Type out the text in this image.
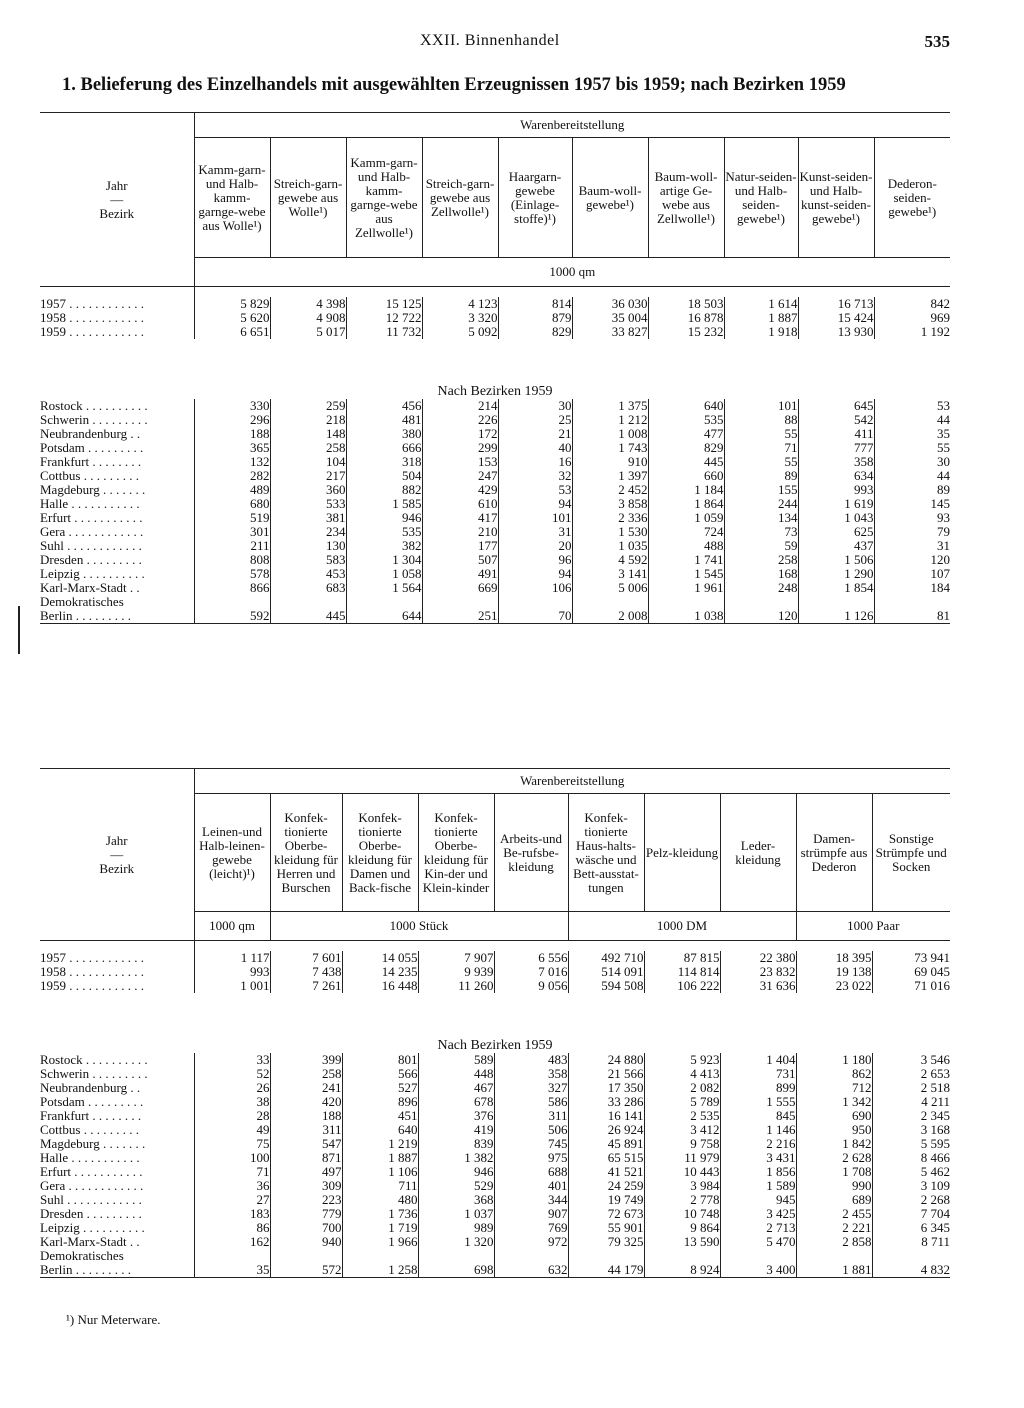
XXII. Binnenhandel	535
1. Belieferung des Einzelhandels mit ausgewählten Erzeugnissen 1957 bis 1959; nach Bezirken 1959

Jahr
—
Bezirk	Warenbereitstellung									
	Kamm-garn- und Halb-kamm-garnge-webe aus Wolle¹)	Streich-garn-gewebe aus Wolle¹)	Kamm-garn- und Halb-kamm-garnge-webe aus Zellwolle¹)	Streich-garn-gewebe aus Zellwolle¹)	Haargarn-gewebe (Einlage-stoffe)¹)	Baum-woll-gewebe¹)	Baum-woll-artige Ge-webe aus Zellwolle¹)	Natur-seiden-und Halb-seiden-gewebe¹)	Kunst-seiden-und Halb-kunst-seiden-gewebe¹)	Dederon-seiden-gewebe¹)
	1000 qm									

1957 . . . . . . . . . . . .	5 829	4 398	15 125	4 123	814	36 030	18 503	1 614	16 713	842
1958 . . . . . . . . . . . .	5 620	4 908	12 722	3 320	879	35 004	16 878	1 887	15 424	969
1959 . . . . . . . . . . . .	6 651	5 017	11 732	5 092	829	33 827	15 232	1 918	13 930	1 192
Nach Bezirken 1959										
Rostock . . . . . . . . . .	330	259	456	214	30	1 375	640	101	645	53
Schwerin . . . . . . . . .	296	218	481	226	25	1 212	535	88	542	44
Neubrandenburg . .	188	148	380	172	21	1 008	477	55	411	35
Potsdam . . . . . . . . .	365	258	666	299	40	1 743	829	71	777	55
Frankfurt . . . . . . . .	132	104	318	153	16	910	445	55	358	30
Cottbus . . . . . . . . .	282	217	504	247	32	1 397	660	89	634	44
Magdeburg . . . . . . .	489	360	882	429	53	2 452	1 184	155	993	89
Halle . . . . . . . . . . .	680	533	1 585	610	94	3 858	1 864	244	1 619	145
Erfurt . . . . . . . . . . .	519	381	946	417	101	2 336	1 059	134	1 043	93
Gera . . . . . . . . . . . .	301	234	535	210	31	1 530	724	73	625	79
Suhl . . . . . . . . . . . .	211	130	382	177	20	1 035	488	59	437	31
Dresden . . . . . . . . .	808	583	1 304	507	96	4 592	1 741	258	1 506	120
Leipzig . . . . . . . . . .	578	453	1 058	491	94	3 141	1 545	168	1 290	107
Karl-Marx-Stadt . .	866	683	1 564	669	106	5 006	1 961	248	1 854	184
Demokratisches										
Berlin . . . . . . . . .	592	445	644	251	70	2 008	1 038	120	1 126	81

Jahr
—
Bezirk	Warenbereitstellung									
	Leinen-und Halb-leinen-gewebe (leicht)¹)	Konfek-tionierte Oberbe-kleidung für Herren und Burschen	Konfek-tionierte Oberbe-kleidung für Damen und Back-fische	Konfek-tionierte Oberbe-kleidung für Kin-der und Klein-kinder	Arbeits-und Be-rufsbe-kleidung	Konfek-tionierte Haus-halts-wäsche und Bett-ausstat-tungen	Pelz-kleidung	Leder-kleidung	Damen-strümpfe aus Dederon	Sonstige Strümpfe und Socken
	1000 qm	1000 Stück				1000 DM			1000 Paar	

1957 . . . . . . . . . . . .	1 117	7 601	14 055	7 907	6 556	492 710	87 815	22 380	18 395	73 941
1958 . . . . . . . . . . . .	993	7 438	14 235	9 939	7 016	514 091	114 814	23 832	19 138	69 045
1959 . . . . . . . . . . . .	1 001	7 261	16 448	11 260	9 056	594 508	106 222	31 636	23 022	71 016
Nach Bezirken 1959										
Rostock . . . . . . . . . .	33	399	801	589	483	24 880	5 923	1 404	1 180	3 546
Schwerin . . . . . . . . .	52	258	566	448	358	21 566	4 413	731	862	2 653
Neubrandenburg . .	26	241	527	467	327	17 350	2 082	899	712	2 518
Potsdam . . . . . . . . .	38	420	896	678	586	33 286	5 789	1 555	1 342	4 211
Frankfurt . . . . . . . .	28	188	451	376	311	16 141	2 535	845	690	2 345
Cottbus . . . . . . . . .	49	311	640	419	506	26 924	3 412	1 146	950	3 168
Magdeburg . . . . . . .	75	547	1 219	839	745	45 891	9 758	2 216	1 842	5 595
Halle . . . . . . . . . . .	100	871	1 887	1 382	975	65 515	11 979	3 431	2 628	8 466
Erfurt . . . . . . . . . . .	71	497	1 106	946	688	41 521	10 443	1 856	1 708	5 462
Gera . . . . . . . . . . . .	36	309	711	529	401	24 259	3 984	1 589	990	3 109
Suhl . . . . . . . . . . . .	27	223	480	368	344	19 749	2 778	945	689	2 268
Dresden . . . . . . . . .	183	779	1 736	1 037	907	72 673	10 748	3 425	2 455	7 704
Leipzig . . . . . . . . . .	86	700	1 719	989	769	55 901	9 864	2 713	2 221	6 345
Karl-Marx-Stadt . .	162	940	1 966	1 320	972	79 325	13 590	5 470	2 858	8 711
Demokratisches										
Berlin . . . . . . . . .	35	572	1 258	698	632	44 179	8 924	3 400	1 881	4 832

¹) Nur Meterware.
